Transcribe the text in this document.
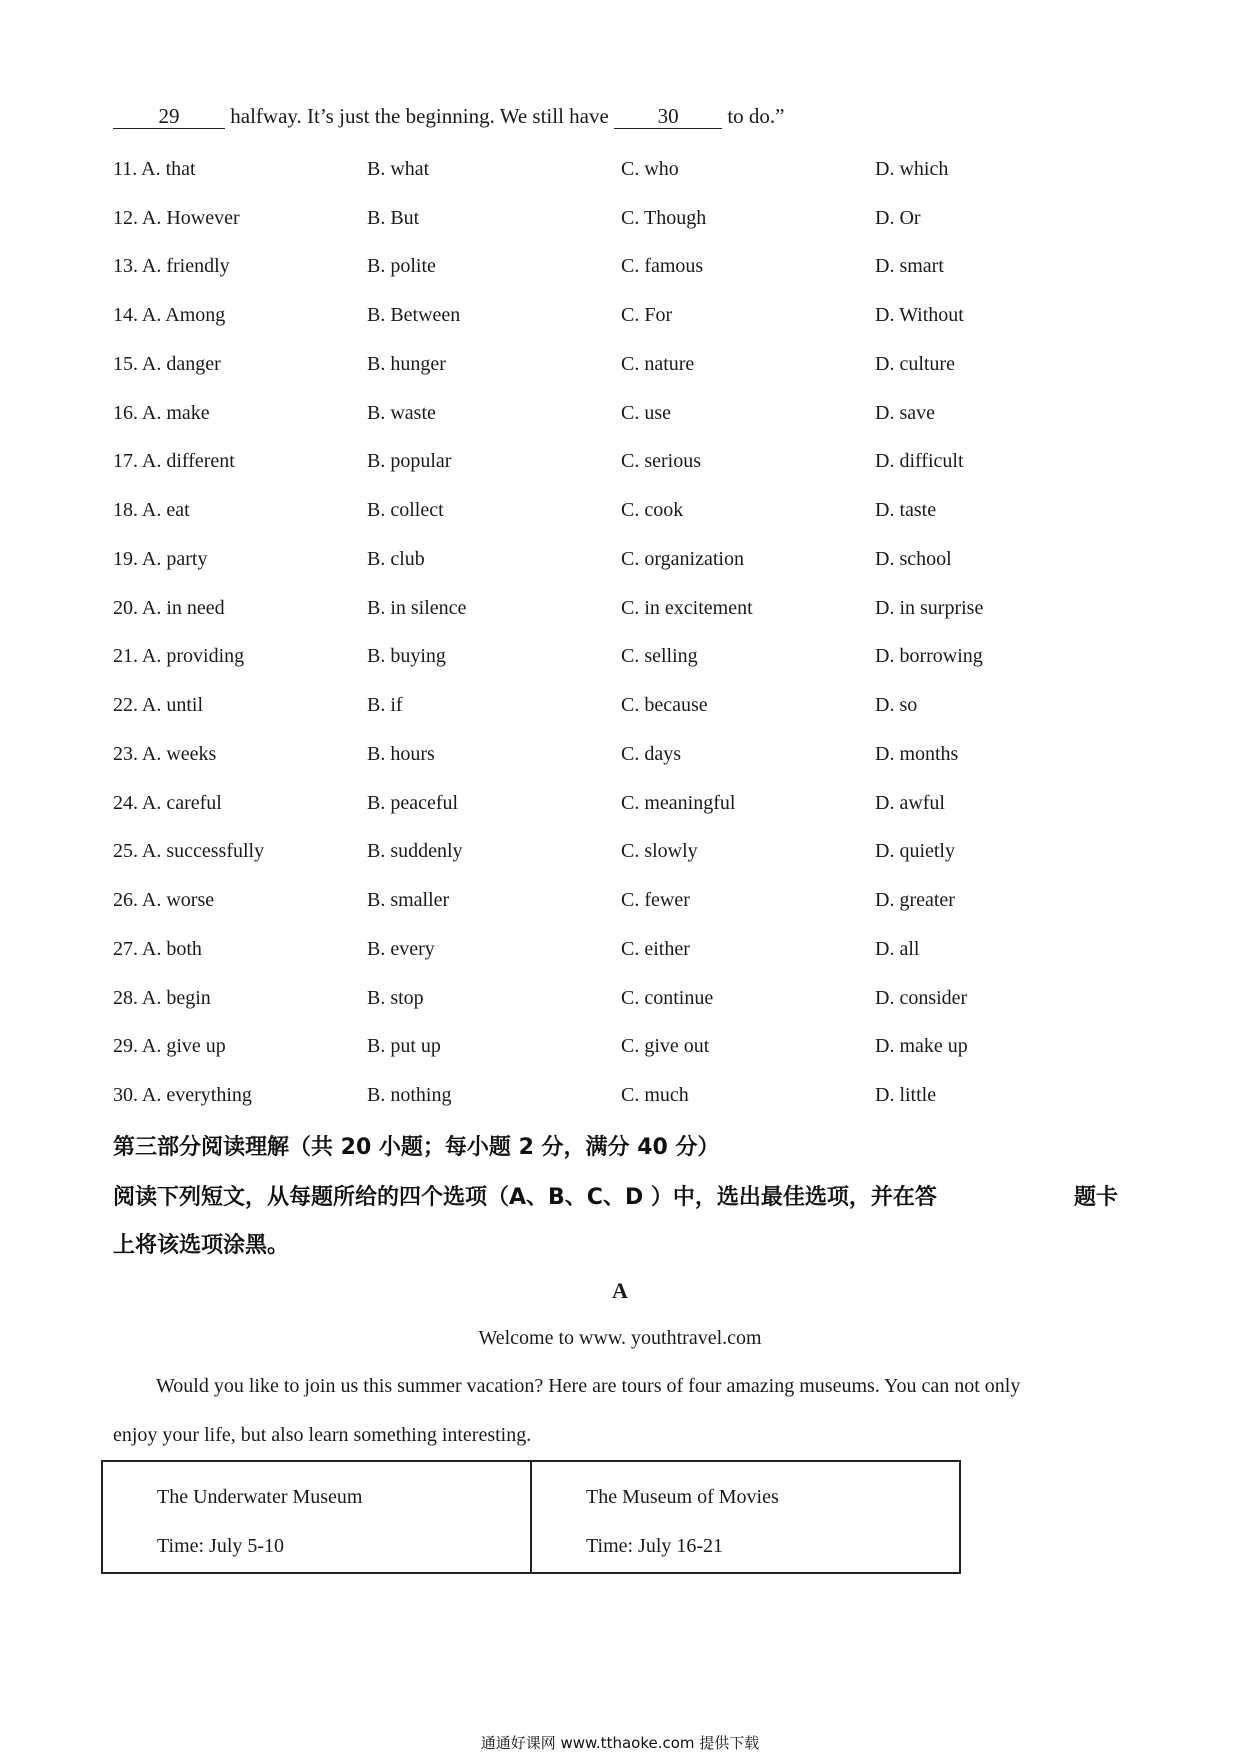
29 halfway. It’s just the beginning. We still have 30 to do.”
11. A. that	B. what	C. who	D. which
12. A. However	B. But	C. Though	D. Or
13. A. friendly	B. polite	C. famous	D. smart
14. A. Among	B. Between	C. For	D. Without
15. A. danger	B. hunger	C. nature	D. culture
16. A. make	B. waste	C. use	D. save
17. A. different	B. popular	C. serious	D. difficult
18. A. eat	B. collect	C. cook	D. taste
19. A. party	B. club	C. organization	D. school
20. A. in need	B. in silence	C. in excitement	D. in surprise
21. A. providing	B. buying	C. selling	D. borrowing
22. A. until	B. if	C. because	D. so
23. A. weeks	B. hours	C. days	D. months
24. A. careful	B. peaceful	C. meaningful	D. awful
25. A. successfully	B. suddenly	C. slowly	D. quietly
26. A. worse	B. smaller	C. fewer	D. greater
27. A. both	B. every	C. either	D. all
28. A. begin	B. stop	C. continue	D. consider
29. A. give up	B. put up	C. give out	D. make up
30. A. everything	B. nothing	C. much	D. little
第三部分阅读理解（共 20 小题；每小题 2 分，满分 40 分）
阅读下列短文，从每题所给的四个选项（A、B、C、D ）中，选出最佳选项，并在答	题卡
上将该选项涂黑。
A
Welcome to www. youthtravel.com
Would you like to join us this summer vacation? Here are tours of four amazing museums. You can not only
enjoy your life, but also learn something interesting.
The Underwater Museum
Time: July 5-10
The Museum of Movies
Time: July 16-21
通通好课网 www.tthaoke.com 提供下载
